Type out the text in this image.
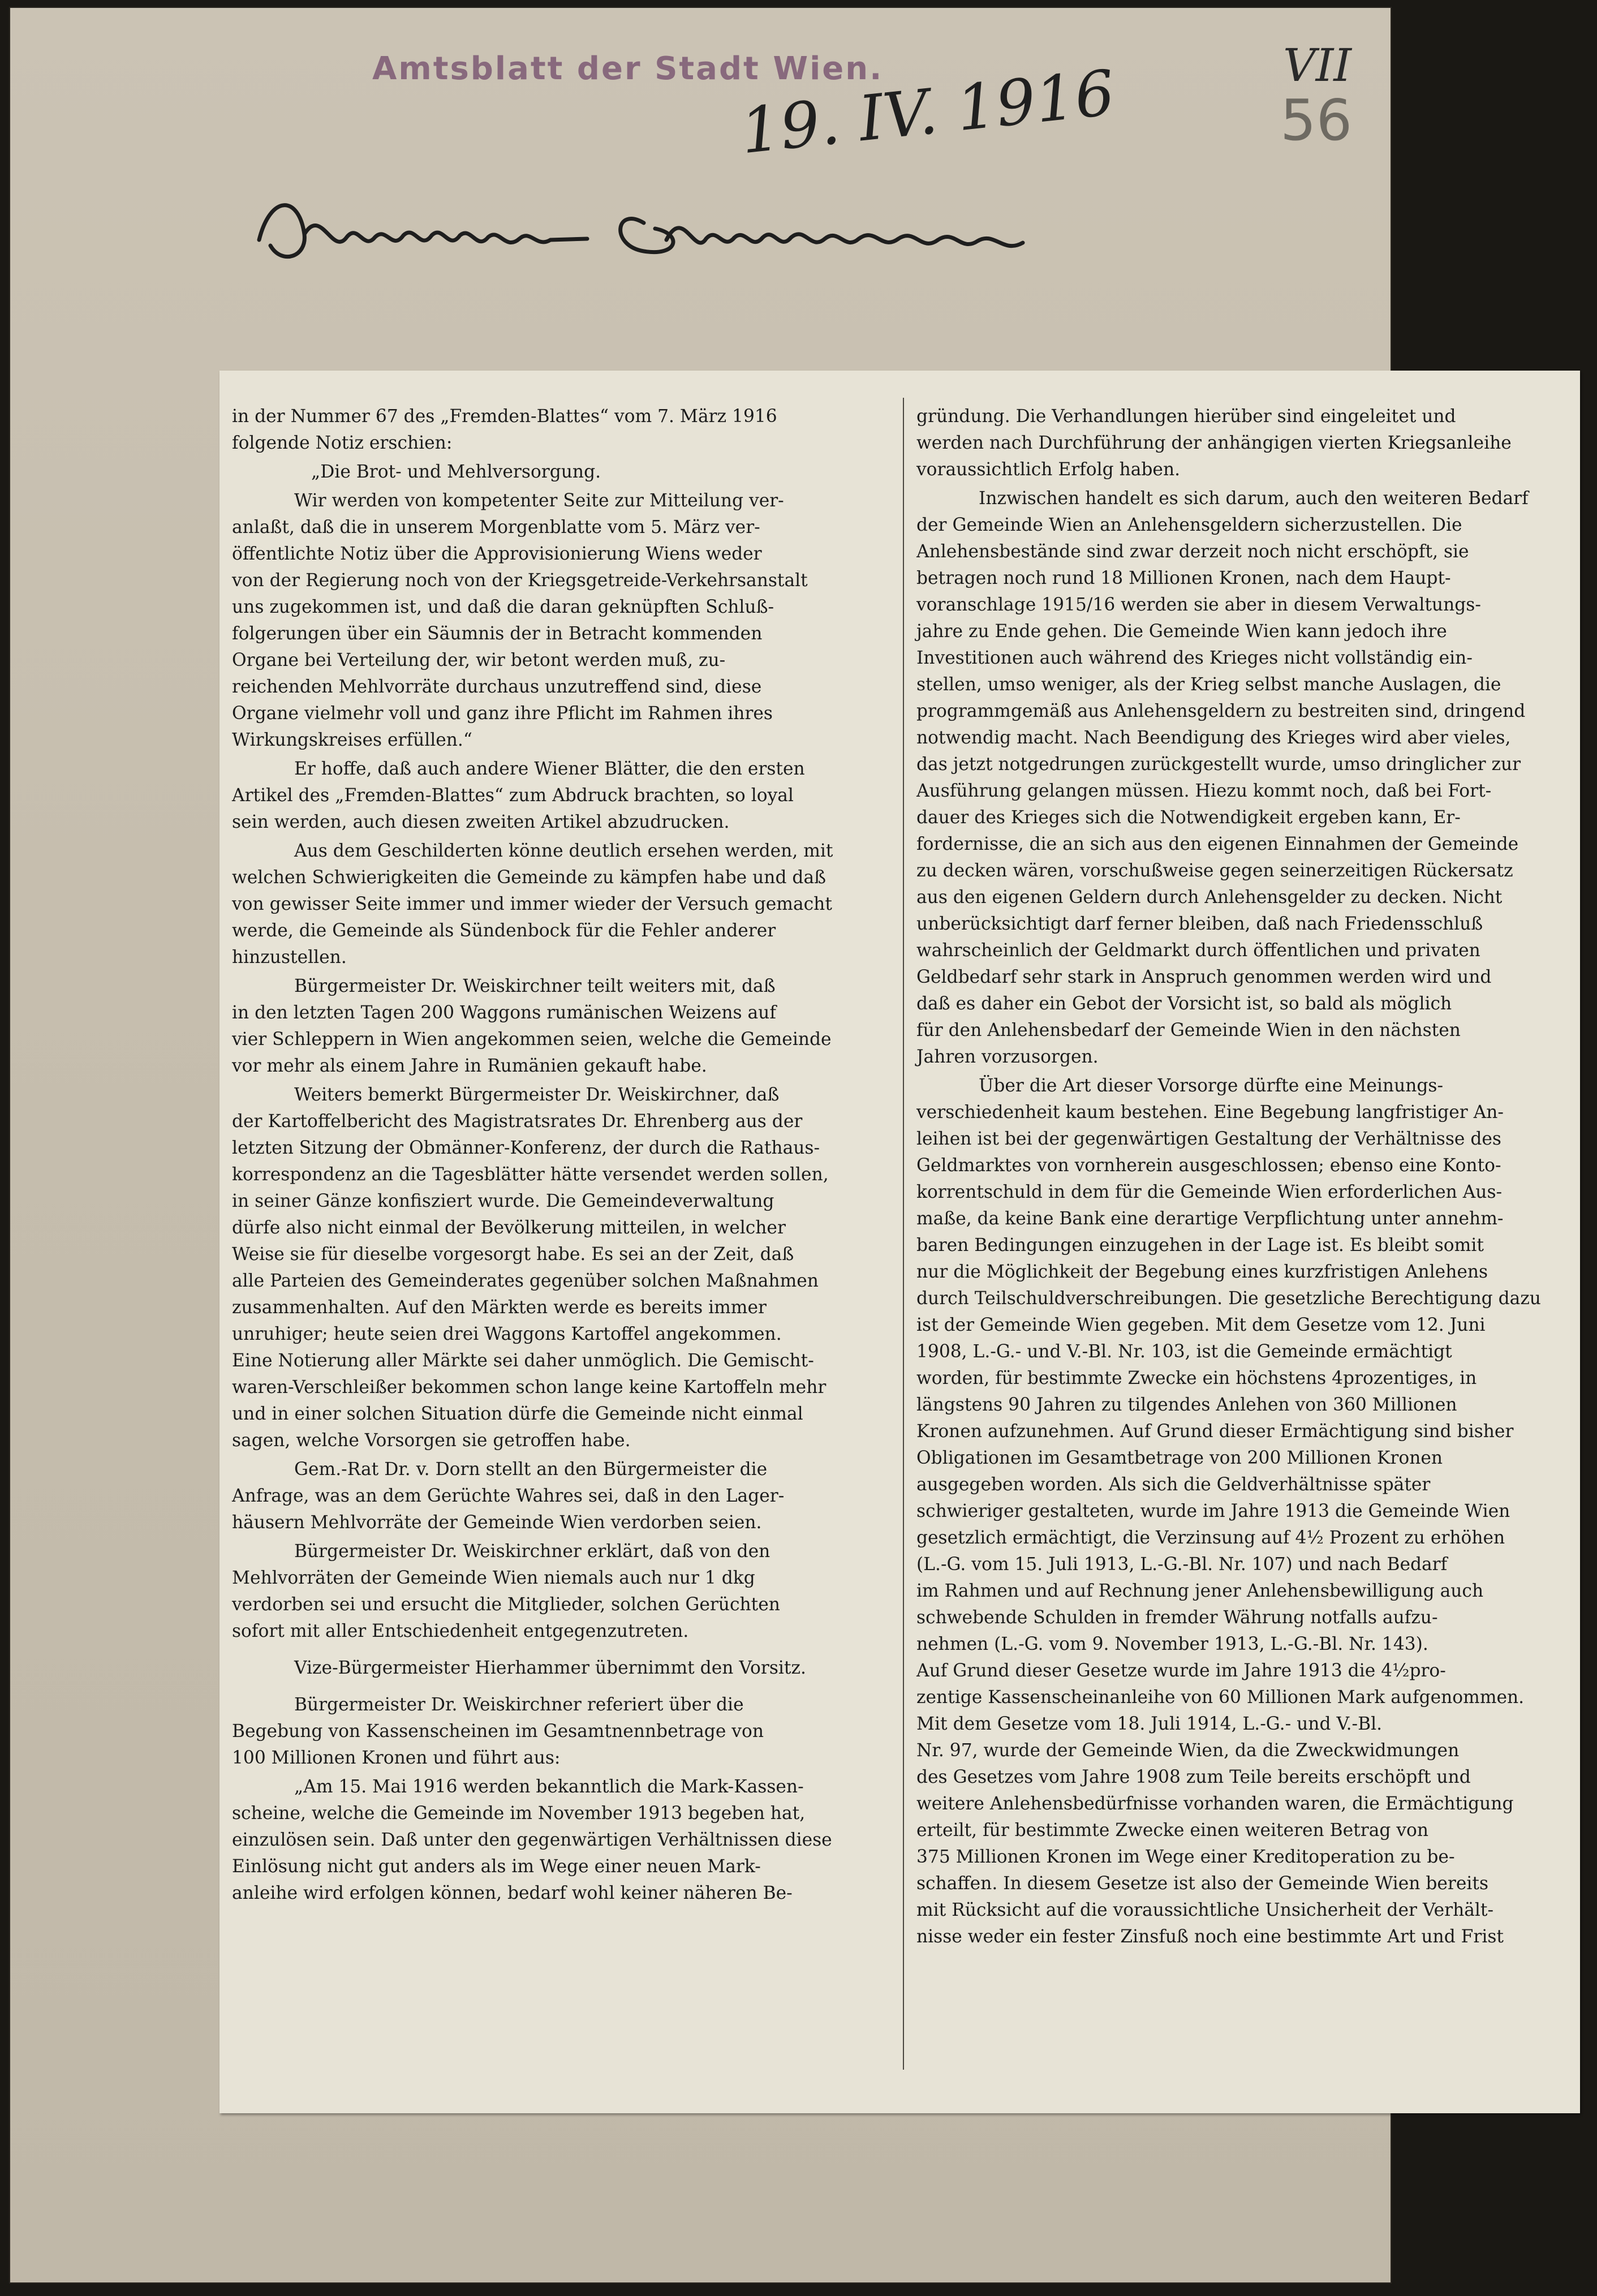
Amtsblatt der Stadt Wien.
19. IV. 1916	VII
56

in der Nummer 67 des „Fremden-Blattes“ vom 7. März 1916
folgende Notiz erschien:

„Die Brot- und Mehlversorgung.

Wir werden von kompetenter Seite zur Mitteilung ver-
anlaßt, daß die in unserem Morgenblatte vom 5. März ver-
öffentlichte Notiz über die Approvisionierung Wiens weder
von der Regierung noch von der Kriegsgetreide-Verkehrsanstalt
uns zugekommen ist, und daß die daran geknüpften Schluß-
folgerungen über ein Säumnis der in Betracht kommenden
Organe bei Verteilung der, wir betont werden muß, zu-
reichenden Mehlvorräte durchaus unzutreffend sind, diese
Organe vielmehr voll und ganz ihre Pflicht im Rahmen ihres
Wirkungskreises erfüllen.“

Er hoffe, daß auch andere Wiener Blätter, die den ersten
Artikel des „Fremden-Blattes“ zum Abdruck brachten, so loyal
sein werden, auch diesen zweiten Artikel abzudrucken.

Aus dem Geschilderten könne deutlich ersehen werden, mit
welchen Schwierigkeiten die Gemeinde zu kämpfen habe und daß
von gewisser Seite immer und immer wieder der Versuch gemacht
werde, die Gemeinde als Sündenbock für die Fehler anderer
hinzustellen.

Bürgermeister Dr. Weiskirchner teilt weiters mit, daß
in den letzten Tagen 200 Waggons rumänischen Weizens auf
vier Schleppern in Wien angekommen seien, welche die Gemeinde
vor mehr als einem Jahre in Rumänien gekauft habe.

Weiters bemerkt Bürgermeister Dr. Weiskirchner, daß
der Kartoffelbericht des Magistratsrates Dr. Ehrenberg aus der
letzten Sitzung der Obmänner-Konferenz, der durch die Rathaus-
korrespondenz an die Tagesblätter hätte versendet werden sollen,
in seiner Gänze konfisziert wurde. Die Gemeindeverwaltung
dürfe also nicht einmal der Bevölkerung mitteilen, in welcher
Weise sie für dieselbe vorgesorgt habe. Es sei an der Zeit, daß
alle Parteien des Gemeinderates gegenüber solchen Maßnahmen
zusammenhalten. Auf den Märkten werde es bereits immer
unruhiger; heute seien drei Waggons Kartoffel angekommen.
Eine Notierung aller Märkte sei daher unmöglich. Die Gemischt-
waren-Verschleißer bekommen schon lange keine Kartoffeln mehr
und in einer solchen Situation dürfe die Gemeinde nicht einmal
sagen, welche Vorsorgen sie getroffen habe.

Gem.-Rat Dr. v. Dorn stellt an den Bürgermeister die
Anfrage, was an dem Gerüchte Wahres sei, daß in den Lager-
häusern Mehlvorräte der Gemeinde Wien verdorben seien.

Bürgermeister Dr. Weiskirchner erklärt, daß von den
Mehlvorräten der Gemeinde Wien niemals auch nur 1 dkg
verdorben sei und ersucht die Mitglieder, solchen Gerüchten
sofort mit aller Entschiedenheit entgegenzutreten.

Vize-Bürgermeister Hierhammer übernimmt den Vorsitz.

Bürgermeister Dr. Weiskirchner referiert über die
Begebung von Kassenscheinen im Gesamtnennbetrage von
100 Millionen Kronen und führt aus:

„Am 15. Mai 1916 werden bekanntlich die Mark-Kassen-
scheine, welche die Gemeinde im November 1913 begeben hat,
einzulösen sein. Daß unter den gegenwärtigen Verhältnissen diese
Einlösung nicht gut anders als im Wege einer neuen Mark-
anleihe wird erfolgen können, bedarf wohl keiner näheren Be-

gründung. Die Verhandlungen hierüber sind eingeleitet und
werden nach Durchführung der anhängigen vierten Kriegsanleihe
voraussichtlich Erfolg haben.

Inzwischen handelt es sich darum, auch den weiteren Bedarf
der Gemeinde Wien an Anlehensgeldern sicherzustellen. Die
Anlehensbestände sind zwar derzeit noch nicht erschöpft, sie
betragen noch rund 18 Millionen Kronen, nach dem Haupt-
voranschlage 1915/16 werden sie aber in diesem Verwaltungs-
jahre zu Ende gehen. Die Gemeinde Wien kann jedoch ihre
Investitionen auch während des Krieges nicht vollständig ein-
stellen, umso weniger, als der Krieg selbst manche Auslagen, die
programmgemäß aus Anlehensgeldern zu bestreiten sind, dringend
notwendig macht. Nach Beendigung des Krieges wird aber vieles,
das jetzt notgedrungen zurückgestellt wurde, umso dringlicher zur
Ausführung gelangen müssen. Hiezu kommt noch, daß bei Fort-
dauer des Krieges sich die Notwendigkeit ergeben kann, Er-
fordernisse, die an sich aus den eigenen Einnahmen der Gemeinde
zu decken wären, vorschußweise gegen seinerzeitigen Rückersatz
aus den eigenen Geldern durch Anlehensgelder zu decken. Nicht
unberücksichtigt darf ferner bleiben, daß nach Friedensschluß
wahrscheinlich der Geldmarkt durch öffentlichen und privaten
Geldbedarf sehr stark in Anspruch genommen werden wird und
daß es daher ein Gebot der Vorsicht ist, so bald als möglich
für den Anlehensbedarf der Gemeinde Wien in den nächsten
Jahren vorzusorgen.

Über die Art dieser Vorsorge dürfte eine Meinungs-
verschiedenheit kaum bestehen. Eine Begebung langfristiger An-
leihen ist bei der gegenwärtigen Gestaltung der Verhältnisse des
Geldmarktes von vornherein ausgeschlossen; ebenso eine Konto-
korrentschuld in dem für die Gemeinde Wien erforderlichen Aus-
maße, da keine Bank eine derartige Verpflichtung unter annehm-
baren Bedingungen einzugehen in der Lage ist. Es bleibt somit
nur die Möglichkeit der Begebung eines kurzfristigen Anlehens
durch Teilschuldverschreibungen. Die gesetzliche Berechtigung dazu
ist der Gemeinde Wien gegeben. Mit dem Gesetze vom 12. Juni
1908, L.-G.- und V.-Bl. Nr. 103, ist die Gemeinde ermächtigt
worden, für bestimmte Zwecke ein höchstens 4prozentiges, in
längstens 90 Jahren zu tilgendes Anlehen von 360 Millionen
Kronen aufzunehmen. Auf Grund dieser Ermächtigung sind bisher
Obligationen im Gesamtbetrage von 200 Millionen Kronen
ausgegeben worden. Als sich die Geldverhältnisse später
schwieriger gestalteten, wurde im Jahre 1913 die Gemeinde Wien
gesetzlich ermächtigt, die Verzinsung auf 4½ Prozent zu erhöhen
(L.-G. vom 15. Juli 1913, L.-G.-Bl. Nr. 107) und nach Bedarf
im Rahmen und auf Rechnung jener Anlehensbewilligung auch
schwebende Schulden in fremder Währung notfalls aufzu-
nehmen (L.-G. vom 9. November 1913, L.-G.-Bl. Nr. 143).
Auf Grund dieser Gesetze wurde im Jahre 1913 die 4½pro-
zentige Kassenscheinanleihe von 60 Millionen Mark aufgenommen.
Mit dem Gesetze vom 18. Juli 1914, L.-G.- und V.-Bl.
Nr. 97, wurde der Gemeinde Wien, da die Zweckwidmungen
des Gesetzes vom Jahre 1908 zum Teile bereits erschöpft und
weitere Anlehensbedürfnisse vorhanden waren, die Ermächtigung
erteilt, für bestimmte Zwecke einen weiteren Betrag von
375 Millionen Kronen im Wege einer Kreditoperation zu be-
schaffen. In diesem Gesetze ist also der Gemeinde Wien bereits
mit Rücksicht auf die voraussichtliche Unsicherheit der Verhält-
nisse weder ein fester Zinsfuß noch eine bestimmte Art und Frist
